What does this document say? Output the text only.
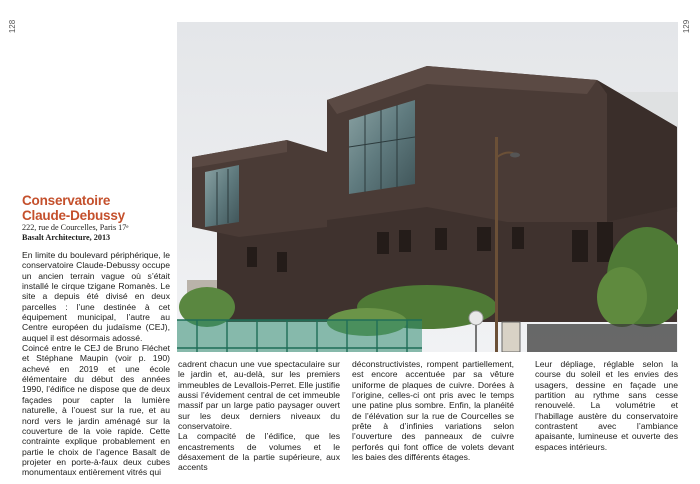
128	129
Conservatoire
Claude-Debussy
222, rue de Courcelles, Paris 17ᵉ
Basalt Architecture, 2013

En limite du boulevard périphérique, le conservatoire Claude-Debussy occupe un ancien terrain vague où s’était installé le cirque tzigane Romanès. Le site a depuis été divisé en deux parcelles : l’une destinée à cet équipement municipal, l’autre au Centre européen du judaïsme (CEJ), auquel il est désormais adossé.

Coincé entre le CEJ de Bruno Fléchet et Stéphane Maupin (voir p. 190) achevé en 2019 et une école élémentaire du début des années 1990, l’édifice ne dispose que de deux façades pour capter la lumière naturelle, à l’ouest sur la rue, et au nord vers le jardin aménagé sur la couverture de la voie rapide. Cette contrainte explique probablement en partie le choix de l’agence Basalt de projeter en porte-à-faux deux cubes monumentaux entièrement vitrés qui

cadrent chacun une vue spectaculaire sur le jardin et, au-delà, sur les premiers immeubles de Levallois-Perret. Elle justifie aussi l’évidement central de cet immeuble massif par un large patio paysager ouvert sur les deux derniers niveaux du conservatoire.

La compacité de l’édifice, que les encastrements de volumes et le désaxement de la partie supérieure, aux accents

déconstructivistes, rompent partiellement, est encore accentuée par sa vêture uniforme de plaques de cuivre. Dorées à l’origine, celles-ci ont pris avec le temps une patine plus sombre. Enfin, la planéité de l’élévation sur la rue de Courcelles se prête à d’infinies variations selon l’ouverture des panneaux de cuivre perforés qui font office de volets devant les baies des différents étages.

Leur dépliage, réglable selon la course du soleil et les envies des usagers, dessine en façade une partition au rythme sans cesse renouvelé. La volumétrie et l’habillage austère du conservatoire contrastent avec l’ambiance apaisante, lumineuse et ouverte des espaces intérieurs.
